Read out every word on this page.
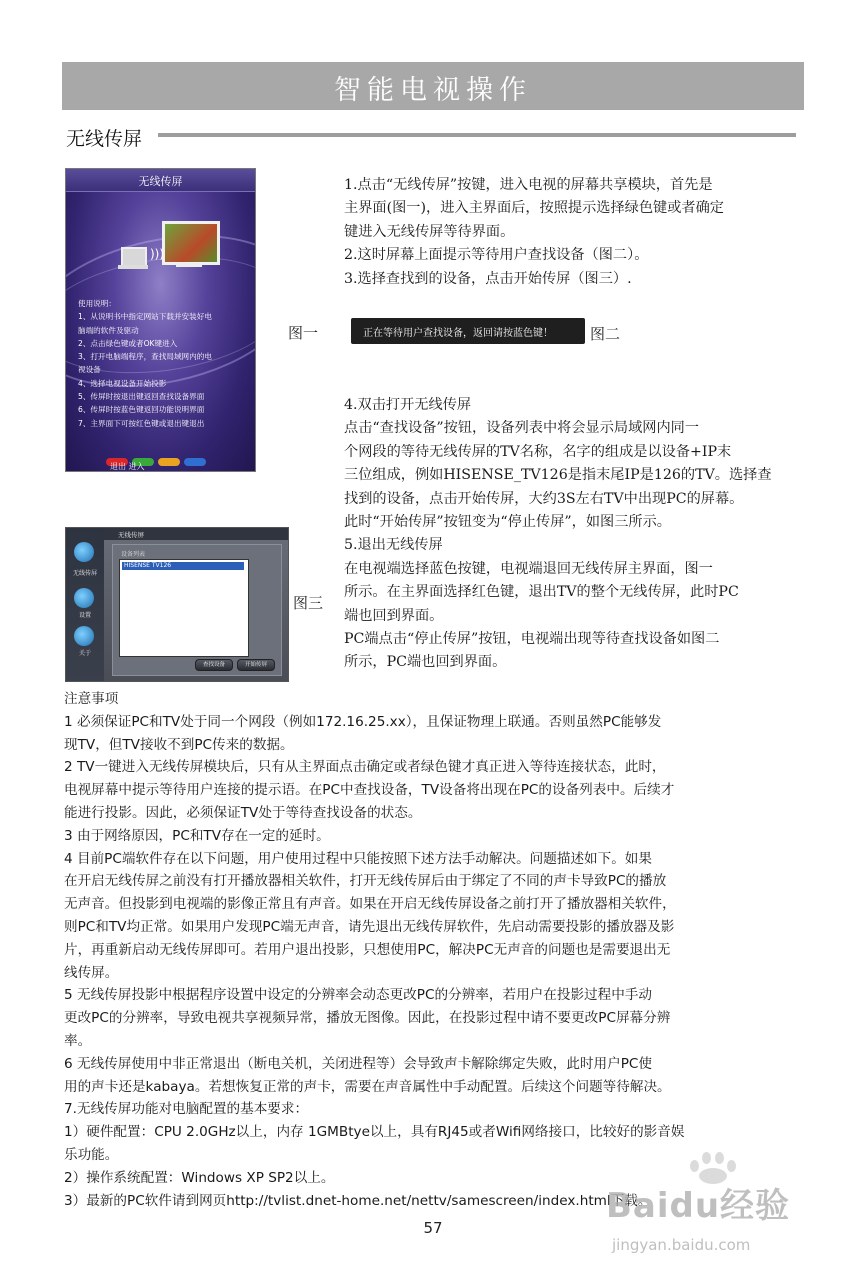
智能电视操作
无线传屏
无线传屏
)))
使用说明：
1、从说明书中指定网站下载并安装好电
脑端的软件及驱动
2、点击绿色键或者OK键进入
3、打开电脑端程序，查找局域网内的电
视设备
4、选择电视设备开始投影
5、传屏时按退出键返回查找设备界面
6、传屏时按蓝色键返回功能说明界面
7、主界面下可按红色键或退出键退出
退出 进入
1.点击“无线传屏”按键，进入电视的屏幕共享模块，首先是
主界面(图一)，进入主界面后，按照提示选择绿色键或者确定
键进入无线传屏等待界面。
2.这时屏幕上面提示等待用户查找设备（图二）。
3.选择查找到的设备，点击开始传屏（图三）.
图一	正在等待用户查找设备，返回请按蓝色键！ 图二
4.双击打开无线传屏
点击“查找设备”按钮，设备列表中将会显示局域网内同一
个网段的等待无线传屏的TV名称，名字的组成是以设备+IP末
三位组成，例如HISENSE_TV126是指末尾IP是126的TV。选择查
找到的设备，点击开始传屏，大约3S左右TV中出现PC的屏幕。
此时“开始传屏”按钮变为“停止传屏”，如图三所示。
5.退出无线传屏
在电视端选择蓝色按键，电视端退回无线传屏主界面，图一
所示。在主界面选择红色键，退出TV的整个无线传屏，此时PC
端也回到界面。
PC端点击“停止传屏”按钮，电视端出现等待查找设备如图二
所示，PC端也回到界面。
无线传屏
设置
关于
无线传屏
设备列表
HISENSE TV126
查找设备	开始传屏
图三
注意事项
1 必须保证PC和TV处于同一个网段（例如172.16.25.xx），且保证物理上联通。否则虽然PC能够发
现TV，但TV接收不到PC传来的数据。
2 TV一键进入无线传屏模块后，只有从主界面点击确定或者绿色键才真正进入等待连接状态，此时，
电视屏幕中提示等待用户连接的提示语。在PC中查找设备，TV设备将出现在PC的设备列表中。后续才
能进行投影。因此，必须保证TV处于等待查找设备的状态。
3 由于网络原因，PC和TV存在一定的延时。
4 目前PC端软件存在以下问题，用户使用过程中只能按照下述方法手动解决。问题描述如下。如果
在开启无线传屏之前没有打开播放器相关软件，打开无线传屏后由于绑定了不同的声卡导致PC的播放
无声音。但投影到电视端的影像正常且有声音。如果在开启无线传屏设备之前打开了播放器相关软件，
则PC和TV均正常。如果用户发现PC端无声音，请先退出无线传屏软件，先启动需要投影的播放器及影
片，再重新启动无线传屏即可。若用户退出投影，只想使用PC，解决PC无声音的问题也是需要退出无
线传屏。
5 无线传屏投影中根据程序设置中设定的分辨率会动态更改PC的分辨率，若用户在投影过程中手动
更改PC的分辨率，导致电视共享视频异常，播放无图像。因此，在投影过程中请不要更改PC屏幕分辨
率。
6 无线传屏使用中非正常退出（断电关机，关闭进程等）会导致声卡解除绑定失败，此时用户PC使
用的声卡还是kabaya。若想恢复正常的声卡，需要在声音属性中手动配置。后续这个问题等待解决。
7.无线传屏功能对电脑配置的基本要求：
1）硬件配置：CPU 2.0GHz以上，内存 1GMBtye以上，具有RJ45或者Wifi网络接口，比较好的影音娱
乐功能。
2）操作系统配置：Windows XP SP2以上。
3）最新的PC软件请到网页http://tvlist.dnet-home.net/nettv/samescreen/index.html下载。
57
Baidu经验
jingyan.baidu.com
